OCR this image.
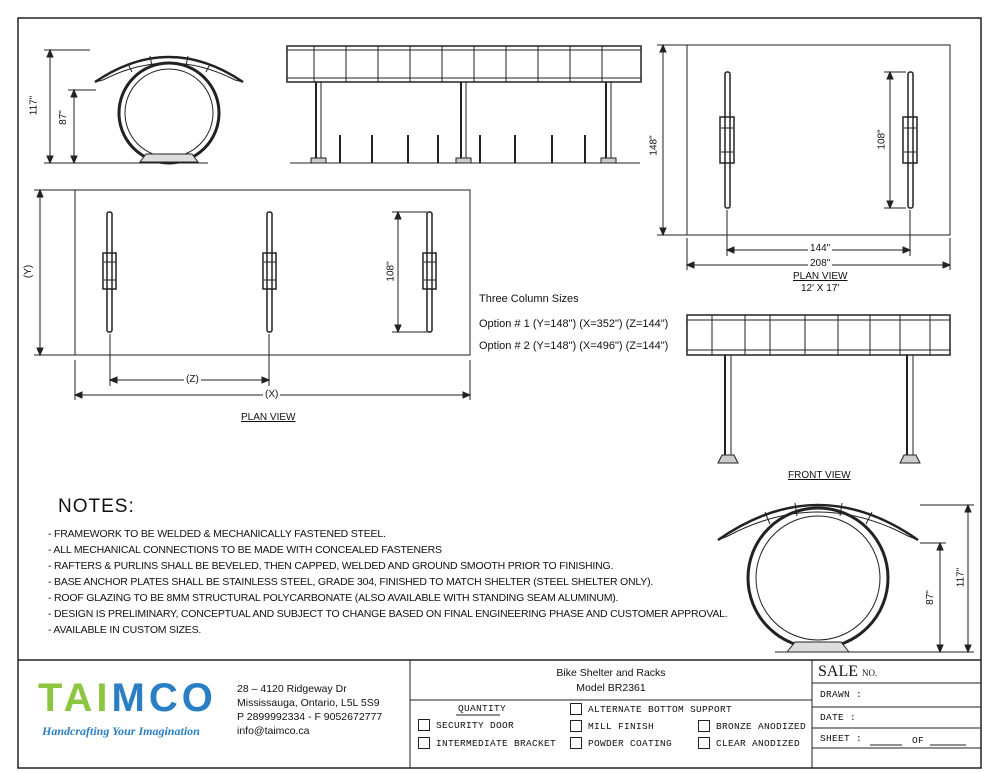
PLAN VIEW
PLAN VIEW
12' X 17'
FRONT VIEW
117"
87"
(Y)	108"
(Z)
(X)
148"	108"
144"
208"
117"
87"
Three Column Sizes
Option # 1 (Y=148") (X=352") (Z=144")
Option # 2 (Y=148") (X=496") (Z=144")
NOTES:
- FRAMEWORK TO BE WELDED & MECHANICALLY FASTENED STEEL.
- ALL MECHANICAL CONNECTIONS TO BE MADE WITH CONCEALED FASTENERS
- RAFTERS & PURLINS SHALL BE BEVELED, THEN CAPPED, WELDED AND GROUND SMOOTH PRIOR TO FINISHING.
- BASE ANCHOR PLATES SHALL BE STAINLESS STEEL, GRADE 304, FINISHED TO MATCH SHELTER (STEEL SHELTER ONLY).
- ROOF GLAZING TO BE 8MM STRUCTURAL POLYCARBONATE (ALSO AVAILABLE WITH STANDING SEAM ALUMINUM).
- DESIGN IS PRELIMINARY, CONCEPTUAL AND SUBJECT TO CHANGE BASED ON FINAL ENGINEERING PHASE AND CUSTOMER APPROVAL.
- AVAILABLE IN CUSTOM SIZES.
TAIMCO
Handcrafting Your Imagination
28 – 4120 Ridgeway Dr
Mississauga, Ontario, L5L 5S9
P 2899992334 - F 9052672777
info@taimco.ca
Bike Shelter and Racks
Model BR2361
QUANTITY
SECURITY DOOR
INTERMEDIATE BRACKET
ALTERNATE BOTTOM SUPPORT
MILL FINISH
POWDER COATING
BRONZE ANODIZED
CLEAR ANODIZED
SALE NO.
DRAWN :
DATE :
SHEET :	OF
